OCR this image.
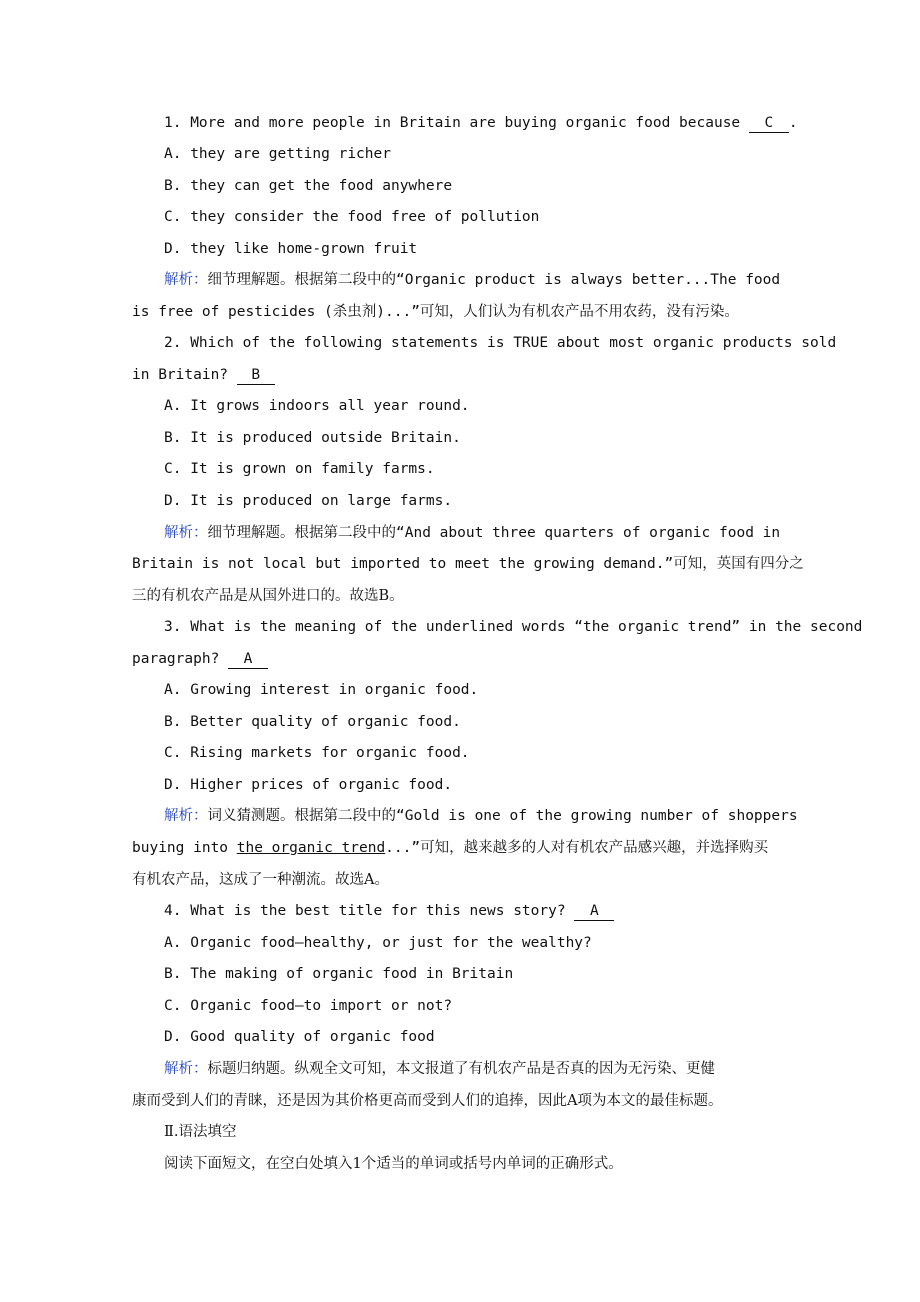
1. More and more people in Britain are buying organic food because C .
A. they are getting richer
B. they can get the food anywhere
C. they consider the food free of pollution
D. they like home-grown fruit
解析：细节理解题。根据第二段中的“Organic product is always better...The food
is free of pesticides (杀虫剂)...”可知，人们认为有机农产品不用农药，没有污染。
2. Which of the following statements is TRUE about most organic products sold
in Britain? B
A. It grows indoors all year round.
B. It is produced outside Britain.
C. It is grown on family farms.
D. It is produced on large farms.
解析：细节理解题。根据第二段中的“And about three quarters of organic food in
Britain is not local but imported to meet the growing demand.”可知，英国有四分之
三的有机农产品是从国外进口的。故选B。
3. What is the meaning of the underlined words “the organic trend” in the second
paragraph? A
A. Growing interest in organic food.
B. Better quality of organic food.
C. Rising markets for organic food.
D. Higher prices of organic food.
解析：词义猜测题。根据第二段中的“Gold is one of the growing number of shoppers
buying into the organic trend...”可知，越来越多的人对有机农产品感兴趣，并选择购买
有机农产品，这成了一种潮流。故选A。
4. What is the best title for this news story? A
A. Organic food—healthy, or just for the wealthy?
B. The making of organic food in Britain
C. Organic food—to import or not?
D. Good quality of organic food
解析：标题归纳题。纵观全文可知，本文报道了有机农产品是否真的因为无污染、更健
康而受到人们的青睐，还是因为其价格更高而受到人们的追捧，因此A项为本文的最佳标题。
Ⅱ.语法填空
阅读下面短文，在空白处填入1个适当的单词或括号内单词的正确形式。
